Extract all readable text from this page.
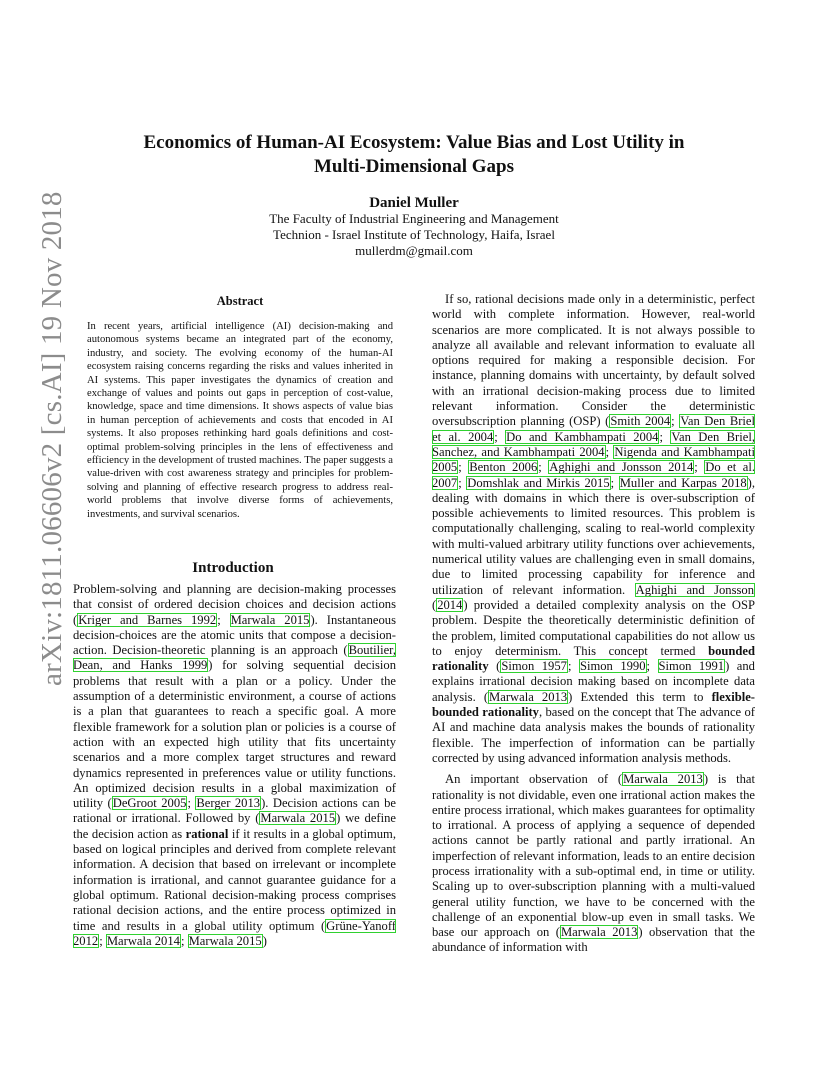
arXiv:1811.06606v2 [cs.AI] 19 Nov 2018
Economics of Human-AI Ecosystem: Value Bias and Lost Utility in
Multi-Dimensional Gaps
Daniel Muller
The Faculty of Industrial Engineering and Management
Technion - Israel Institute of Technology, Haifa, Israel
mullerdm@gmail.com
Abstract
In recent years, artificial intelligence (AI) decision-making and autonomous systems became an integrated part of the economy, industry, and society. The evolving economy of the human-AI ecosystem raising concerns regarding the risks and values inherited in AI systems. This paper investigates the dynamics of creation and exchange of values and points out gaps in perception of cost-value, knowledge, space and time dimensions. It shows aspects of value bias in human perception of achievements and costs that encoded in AI systems. It also proposes rethinking hard goals definitions and cost-optimal problem-solving principles in the lens of effectiveness and efficiency in the development of trusted machines. The paper suggests a value-driven with cost awareness strategy and principles for problem-solving and planning of effective research progress to address real-world problems that involve diverse forms of achievements, investments, and survival scenarios.
Introduction

Problem-solving and planning are decision-making processes that consist of ordered decision choices and decision actions (Kriger and Barnes 1992; Marwala 2015). Instantaneous decision-choices are the atomic units that compose a decision-action. Decision-theoretic planning is an approach (Boutilier, Dean, and Hanks 1999) for solving sequential decision problems that result with a plan or a policy. Under the assumption of a deterministic environment, a course of actions is a plan that guarantees to reach a specific goal. A more flexible framework for a solution plan or policies is a course of action with an expected high utility that fits uncertainty scenarios and a more complex target structures and reward dynamics represented in preferences value or utility functions. An optimized decision results in a global maximization of utility (DeGroot 2005; Berger 2013). Decision actions can be rational or irrational. Followed by (Marwala 2015) we define the decision action as rational if it results in a global optimum, based on logical principles and derived from complete relevant information. A decision that based on irrelevant or incomplete information is irrational, and cannot guarantee guidance for a global optimum. Rational decision-making process comprises rational decision actions, and the entire process optimized in time and results in a global utility optimum (Grüne-Yanoff 2012; Marwala 2014; Marwala 2015)

If so, rational decisions made only in a deterministic, perfect world with complete information. However, real-world scenarios are more complicated. It is not always possible to analyze all available and relevant information to evaluate all options required for making a responsible decision. For instance, planning domains with uncertainty, by default solved with an irrational decision-making process due to limited relevant information. Consider the deterministic oversubscription planning (OSP) (Smith 2004; Van Den Briel et al. 2004; Do and Kambhampati 2004; Van Den Briel, Sanchez, and Kambhampati 2004; Nigenda and Kambhampati 2005; Benton 2006; Aghighi and Jonsson 2014; Do et al. 2007; Domshlak and Mirkis 2015; Muller and Karpas 2018), dealing with domains in which there is over-subscription of possible achievements to limited resources. This problem is computationally challenging, scaling to real-world complexity with multi-valued arbitrary utility functions over achievements, numerical utility values are challenging even in small domains, due to limited processing capability for inference and utilization of relevant information. Aghighi and Jonsson (2014) provided a detailed complexity analysis on the OSP problem. Despite the theoretically deterministic definition of the problem, limited computational capabilities do not allow us to enjoy determinism. This concept termed bounded rationality (Simon 1957; Simon 1990; Simon 1991) and explains irrational decision making based on incomplete data analysis. (Marwala 2013) Extended this term to flexible-bounded rationality, based on the concept that The advance of AI and machine data analysis makes the bounds of rationality flexible. The imperfection of information can be partially corrected by using advanced information analysis methods.

An important observation of (Marwala 2013) is that rationality is not dividable, even one irrational action makes the entire process irrational, which makes guarantees for optimality to irrational. A process of applying a sequence of depended actions cannot be partly rational and partly irrational. An imperfection of relevant information, leads to an entire decision process irrationality with a sub-optimal end, in time or utility. Scaling up to over-subscription planning with a multi-valued general utility function, we have to be concerned with the challenge of an exponential blow-up even in small tasks. We base our approach on (Marwala 2013) observation that the abundance of information with
